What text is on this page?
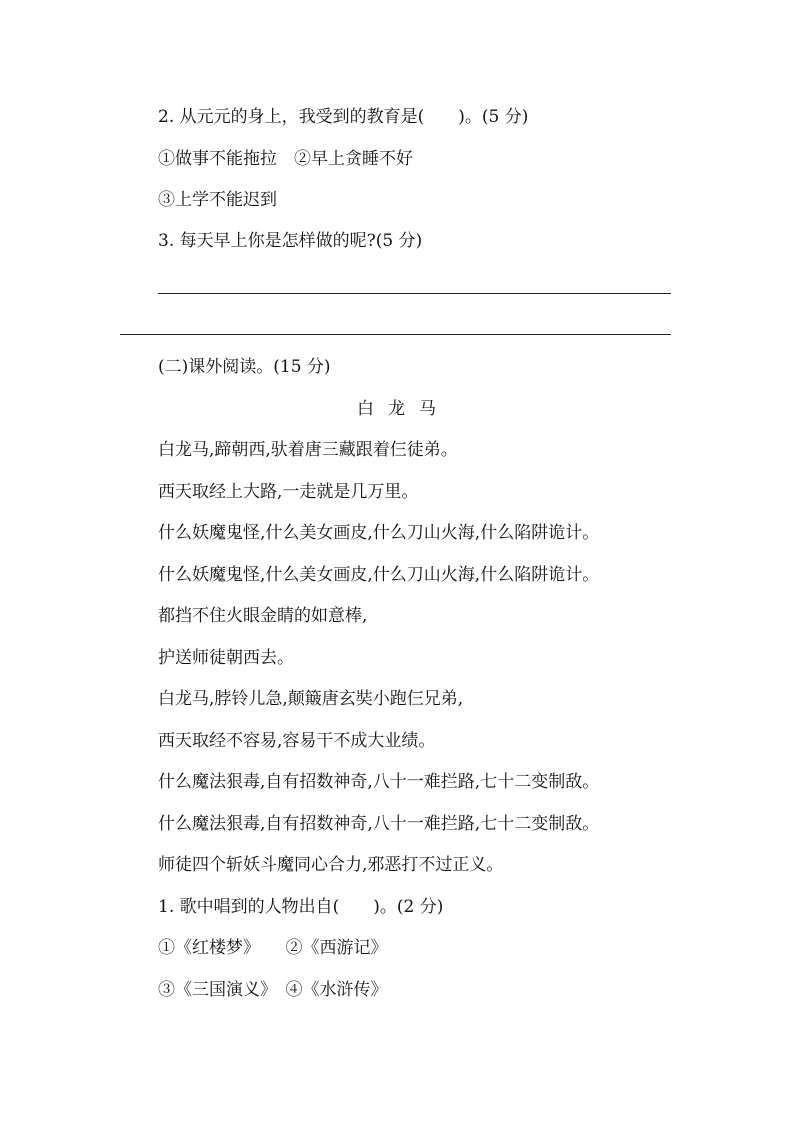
2. 从元元的身上，我受到的教育是(　　)。(5 分)
①做事不能拖拉　②早上贪睡不好
③上学不能迟到
3. 每天早上你是怎样做的呢?(5 分)
(二)课外阅读。(15 分)
白龙马
白龙马,蹄朝西,驮着唐三藏跟着仨徒弟。
西天取经上大路,一走就是几万里。
什么妖魔鬼怪,什么美女画皮,什么刀山火海,什么陷阱诡计。
什么妖魔鬼怪,什么美女画皮,什么刀山火海,什么陷阱诡计。
都挡不住火眼金睛的如意棒,
护送师徒朝西去。
白龙马,脖铃儿急,颠簸唐玄奘小跑仨兄弟,
西天取经不容易,容易干不成大业绩。
什么魔法狠毒,自有招数神奇,八十一难拦路,七十二变制敌。
什么魔法狠毒,自有招数神奇,八十一难拦路,七十二变制敌。
师徒四个斩妖斗魔同心合力,邪恶打不过正义。
1. 歌中唱到的人物出自(　　)。(2 分)
①《红楼梦》　　②《西游记》
③《三国演义》　④《水浒传》
